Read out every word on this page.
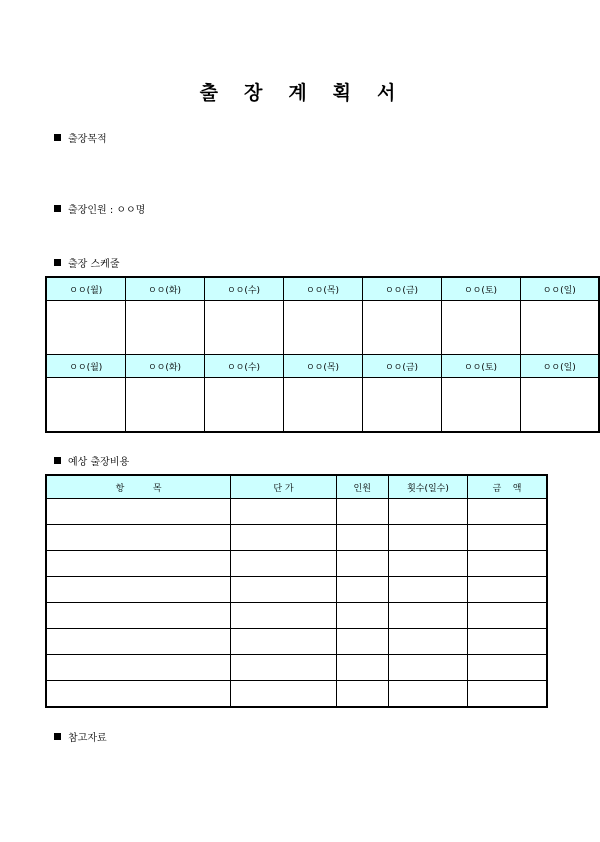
출 장 계 획 서
출장목적
출장인원 : ㅇㅇ명
출장 스케줄
ㅇㅇ(월)	ㅇㅇ(화)	ㅇㅇ(수)	ㅇㅇ(목)	ㅇㅇ(금)	ㅇㅇ(토)	ㅇㅇ(일)

ㅇㅇ(월)	ㅇㅇ(화)	ㅇㅇ(수)	ㅇㅇ(목)	ㅇㅇ(금)	ㅇㅇ(토)	ㅇㅇ(일)

예상 출장비용
항          목	단 가	인원	횟수(일수)	금    액

참고자료
